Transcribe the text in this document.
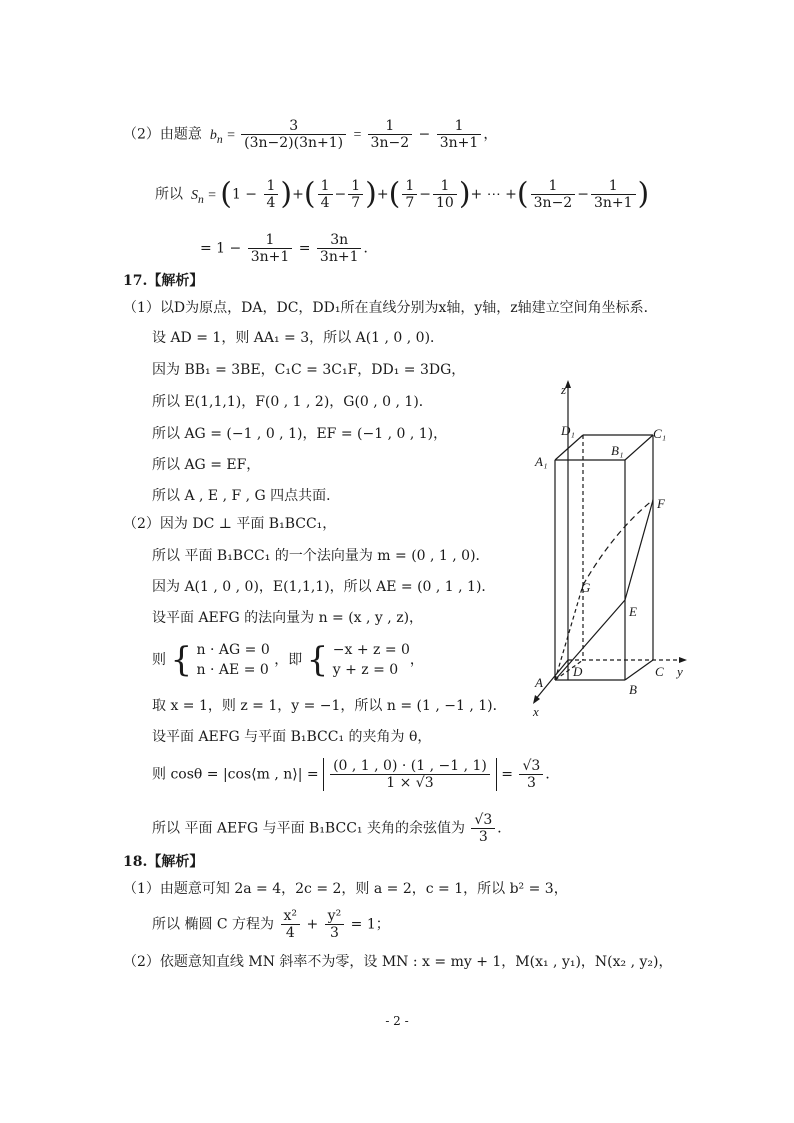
（2）由题意  $b_n = \frac{3}{(3n-2)(3n+1)} = \frac{1}{3n-2} - \frac{1}{3n+1}$ ，
所以  $S_n = (1 - \frac{1}{4}$ )+( $\frac{1}{4} - \frac{1}{7}$ )+( $\frac{1}{7} - \frac{1}{10}$ )+ ⋯ +( $\frac{1}{3n-2} - \frac{1}{3n+1}$ )
= $1 - \frac{1}{3n+1} = \frac{3n}{3n+1}$ ．
17.【解析】
（1）以D为原点，DA，DC，DD₁所在直线分别为x轴，y轴，z轴建立空间角坐标系．
设 AD = 1，则 AA₁ = 3，所以 A(1 , 0 , 0)．
因为 BB₁ = 3BE，C₁C = 3C₁F，DD₁ = 3DG，
所以 E(1,1,1)，F(0 , 1 , 2)，G(0 , 0 , 1)．
所以 AG = (−1 , 0 , 1)，EF = (−1 , 0 , 1)，
所以 AG = EF，
所以 A , E , F , G 四点共面．
（2）因为 DC ⊥ 平面 B₁BCC₁，
所以 平面 B₁BCC₁ 的一个法向量为 m = (0 , 1 , 0)．
因为 A(1 , 0 , 0)，E(1,1,1)，所以 AE = (0 , 1 , 1)．
设平面 AEFG 的法向量为 n = (x , y , z)，
则 { n · AG = 0
n · AE = 0
，即 { −x + z = 0
y + z = 0
，
取 x = 1，则 z = 1，y = −1，所以 n = (1 , −1 , 1)．
设平面 AEFG 与平面 B₁BCC₁ 的夹角为 θ，
则 cosθ = |cos⟨m , n⟩| = $\frac{(0 , 1 , 0) \cdot (1 , -1 , 1)}{1 \times √3} = \frac{√3}{3}$ ．
所以 平面 AEFG 与平面 B₁BCC₁ 夹角的余弦值为 $\frac{√3}{3}$ ．
18.【解析】
（1）由题意可知 2a = 4，2c = 2，则 a = 2，c = 1，所以 b² = 3，
所以 椭圆 C 方程为 $\frac{\text{x²}}{4} + \frac{\text{y²}}{3} = 1$；
（2）依题意知直线 MN 斜率不为零，设 MN : x = my + 1，M(x₁ , y₁)，N(x₂ , y₂)，
z
D₁
B₁
C₁
A₁
F
G
E
A
D	C y
B
x
- 2 -
